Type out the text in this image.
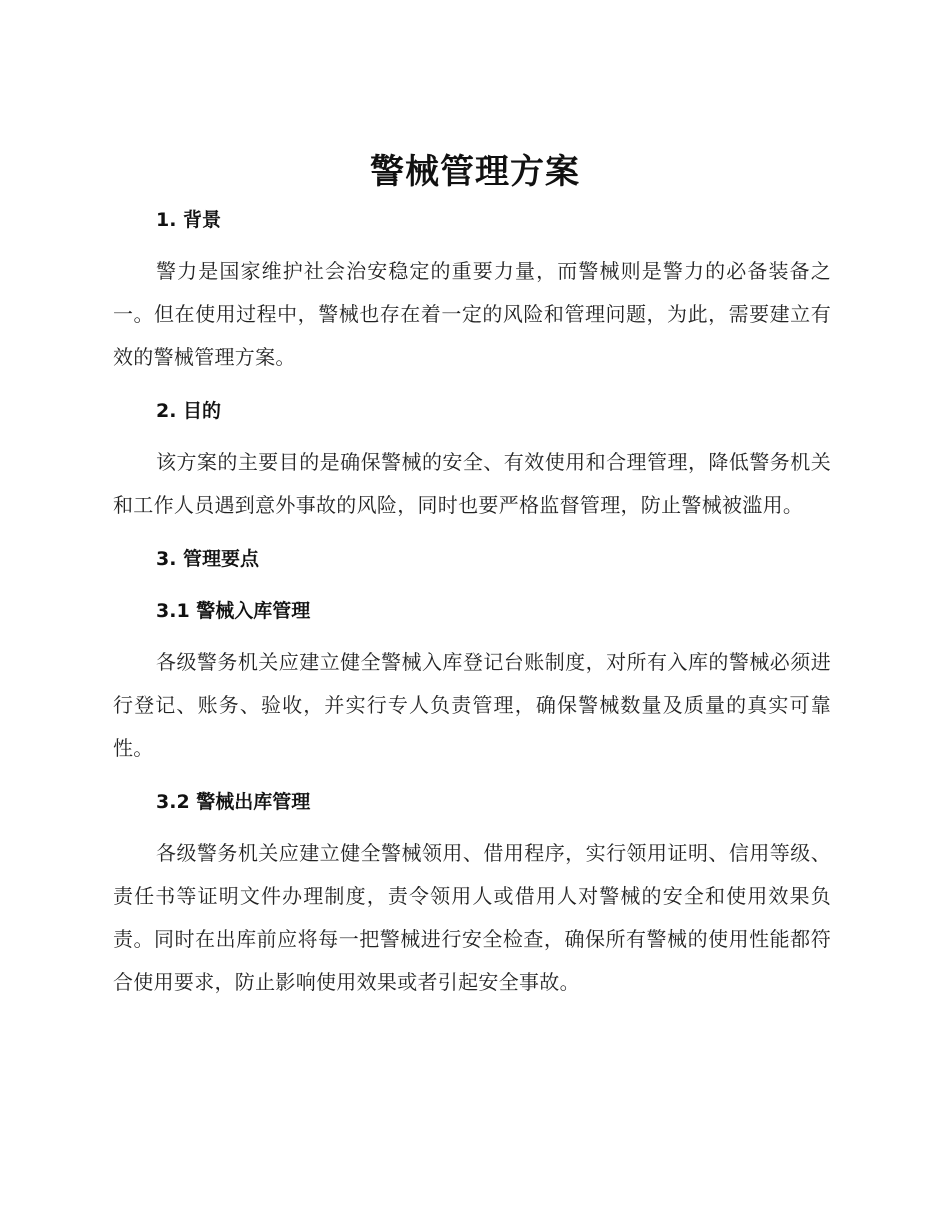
警械管理方案
1. 背景

警力是国家维护社会治安稳定的重要力量，而警械则是警力的必备装备之一。但在使用过程中，警械也存在着一定的风险和管理问题，为此，需要建立有效的警械管理方案。

2. 目的

该方案的主要目的是确保警械的安全、有效使用和合理管理，降低警务机关和工作人员遇到意外事故的风险，同时也要严格监督管理，防止警械被滥用。

3. 管理要点
3.1 警械入库管理

各级警务机关应建立健全警械入库登记台账制度，对所有入库的警械必须进行登记、账务、验收，并实行专人负责管理，确保警械数量及质量的真实可靠性。

3.2 警械出库管理

各级警务机关应建立健全警械领用、借用程序，实行领用证明、信用等级、责任书等证明文件办理制度，责令领用人或借用人对警械的安全和使用效果负责。同时在出库前应将每一把警械进行安全检查，确保所有警械的使用性能都符合使用要求，防止影响使用效果或者引起安全事故。
